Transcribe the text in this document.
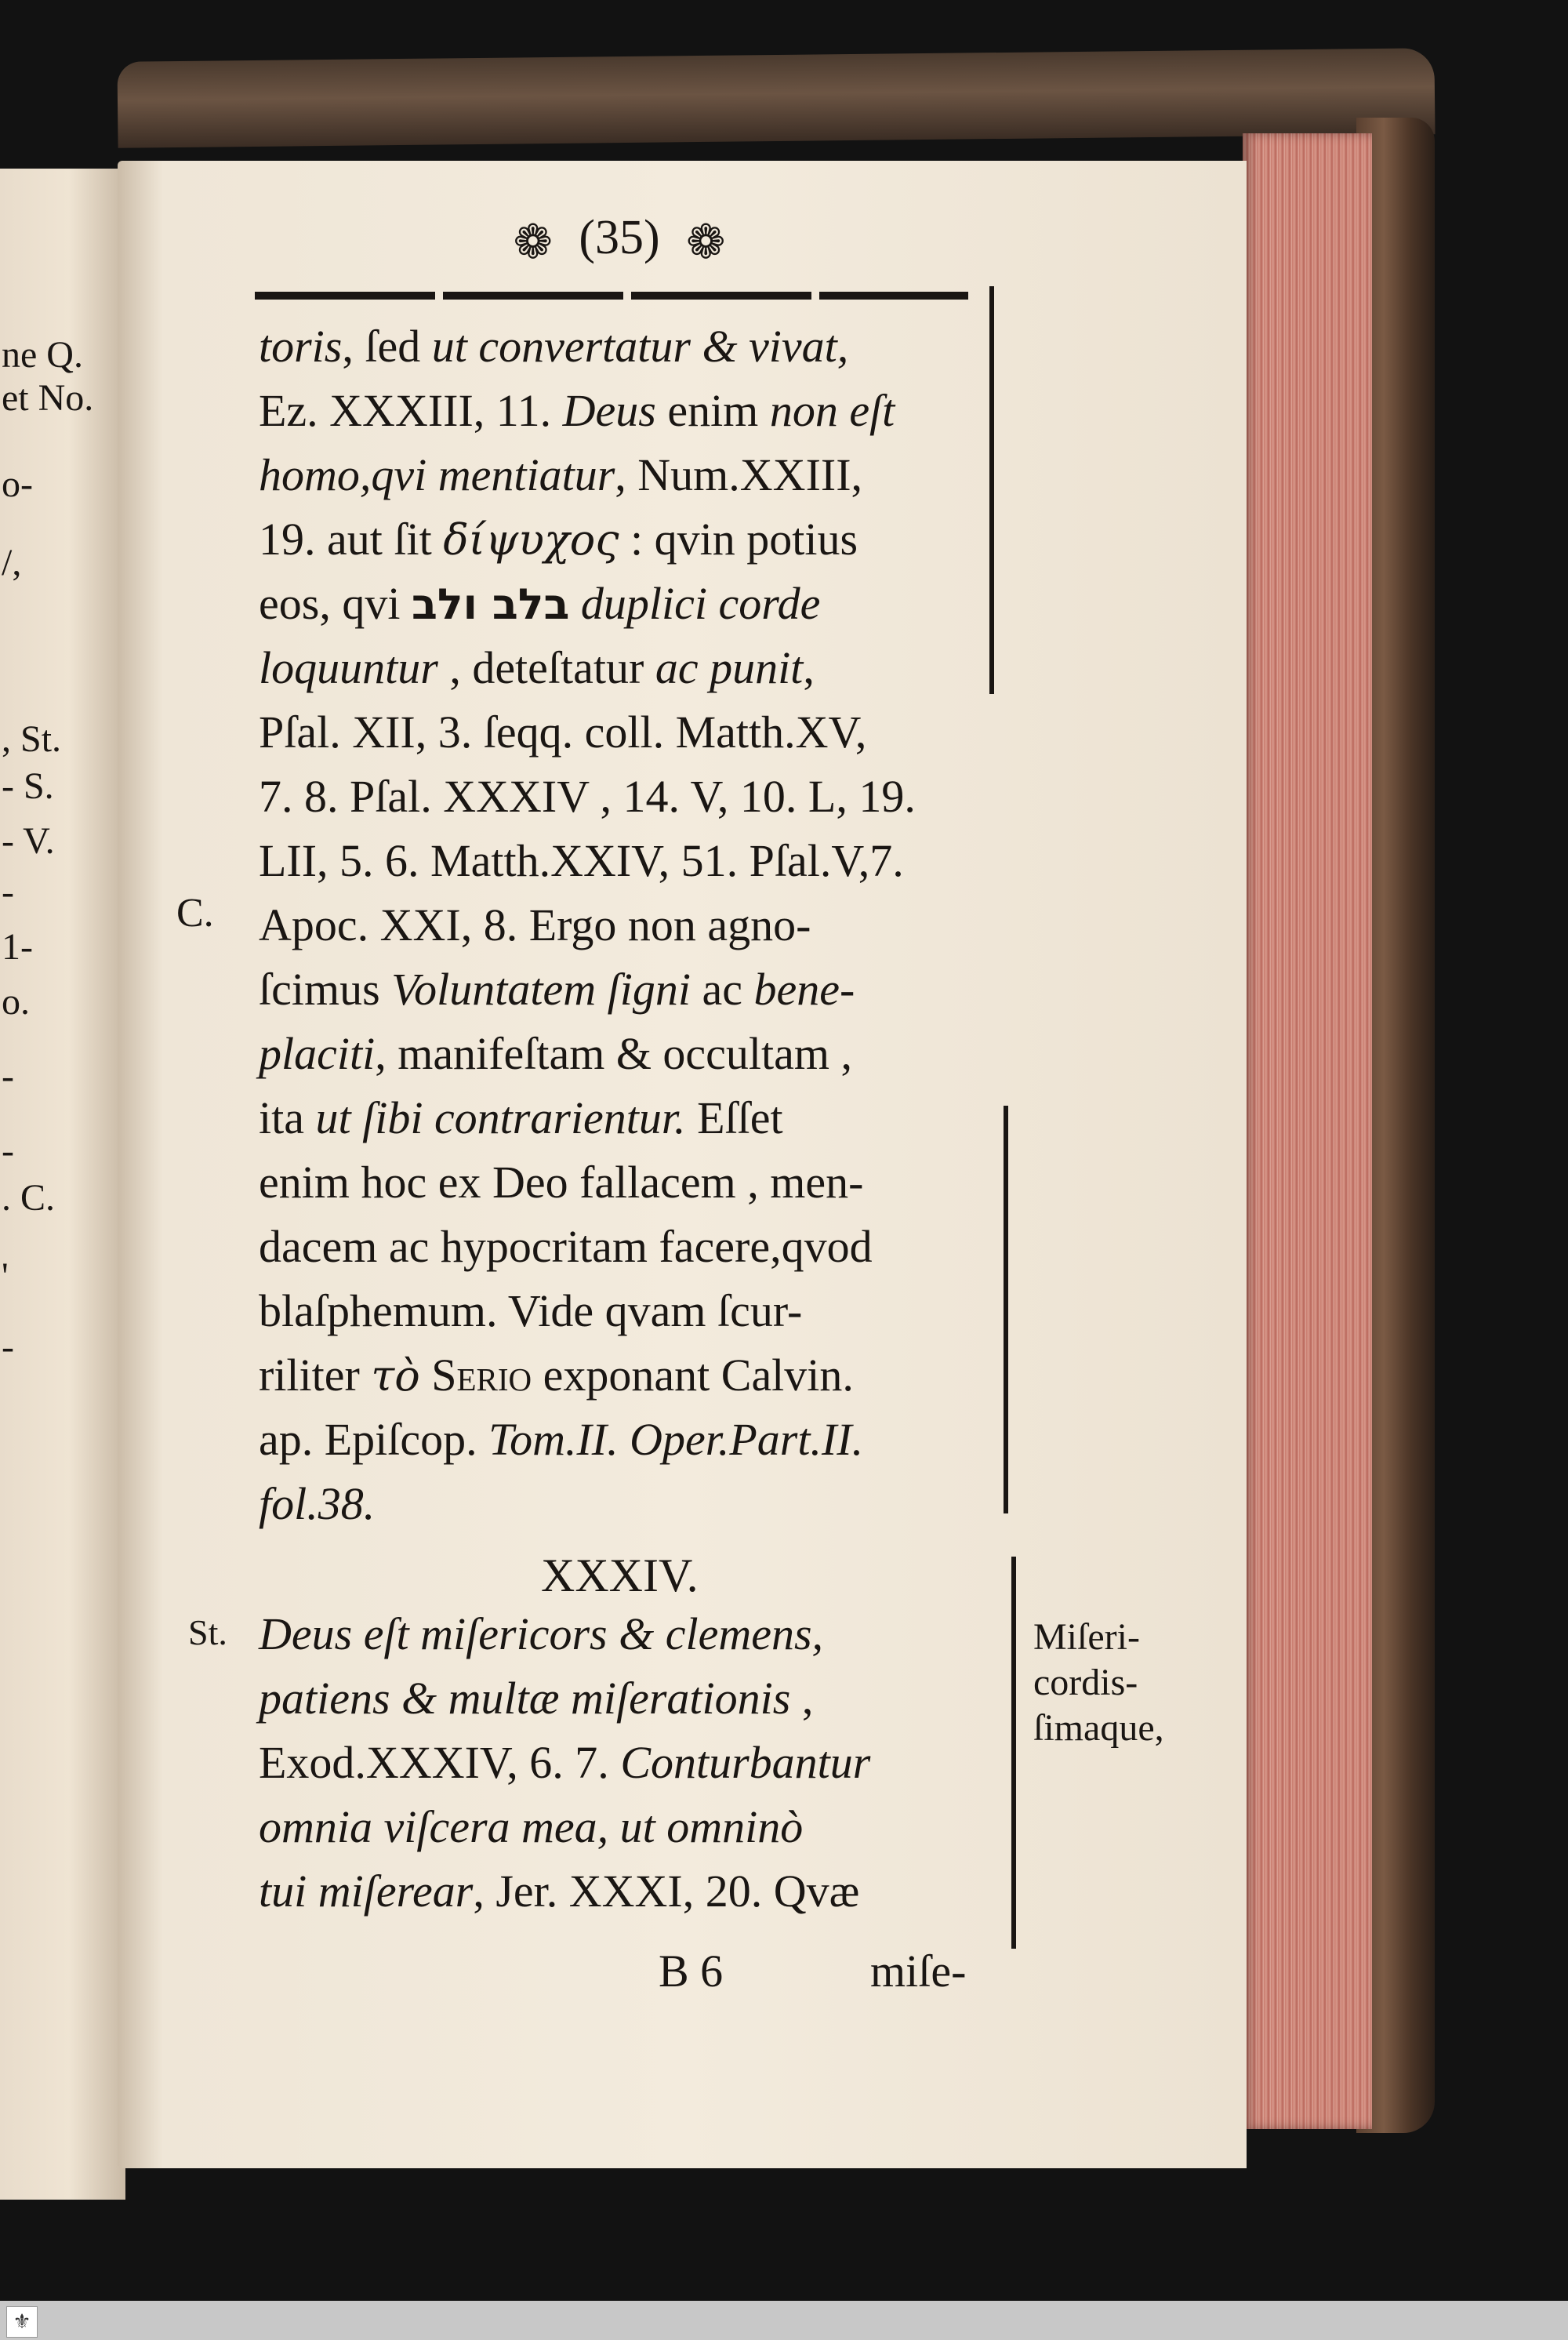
ne Q.
et No.
o-
/,
, St.
- S.
- V.
-
1-
o.
-
-
. C.
'
-
❁ (35) ❁
C.
St.
toris, ſed ut convertatur & vivat,
Ez. XXXIII, 11. Deus enim non eſt
homo,qvi mentiatur, Num.XXIII,
19. aut ſit δίψυχος : qvin potius
eos, qvi בלב ולב duplici corde
loquuntur , deteſtatur ac punit,
Pſal. XII, 3. ſeqq. coll. Matth.XV,
7. 8. Pſal. XXXIV , 14. V, 10. L, 19.
LII, 5. 6. Matth.XXIV, 51. Pſal.V,7.
Apoc. XXI, 8. Ergo non agno-
ſcimus Voluntatem ſigni ac bene-
placiti, manifeſtam & occultam ,
ita ut ſibi contrarientur. Eſſet
enim hoc ex Deo fallacem , men-
dacem ac hypocritam facere,qvod
blaſphemum. Vide qvam ſcur-
riliter τὸ Serio exponant Calvin.
ap. Epiſcop. Tom.II. Oper.Part.II.
fol.38.
XXXIV.
Deus eſt miſericors & clemens,
patiens & multæ miſerationis ,
Exod.XXXIV, 6. 7. Conturbantur
omnia viſcera mea, ut omninò
tui miſerear, Jer. XXXI, 20. Qvæ
Miſeri-
cordis-
ſimaque,
B 6	miſe-
⚜
